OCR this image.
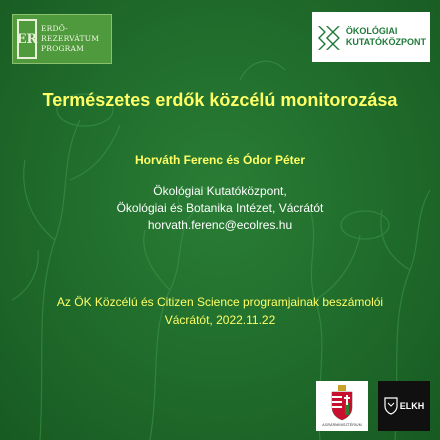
ER
ERDŐ-
REZERVÁTUM
PROGRAM
ÖKOLÓGIAI
KUTATÓKÖZPONT
Természetes erdők közcélú monitorozása
Horváth Ferenc és Ódor Péter
Ökológiai Kutatóközpont,
Ökológiai és Botanika Intézet, Vácrátót
horvath.ferenc@ecolres.hu
Az ÖK Közcélú és Citizen Science programjainak beszámolói
Vácrátót, 2022.11.22
AGRÁRMINISZTÉRIUM
ELKH
